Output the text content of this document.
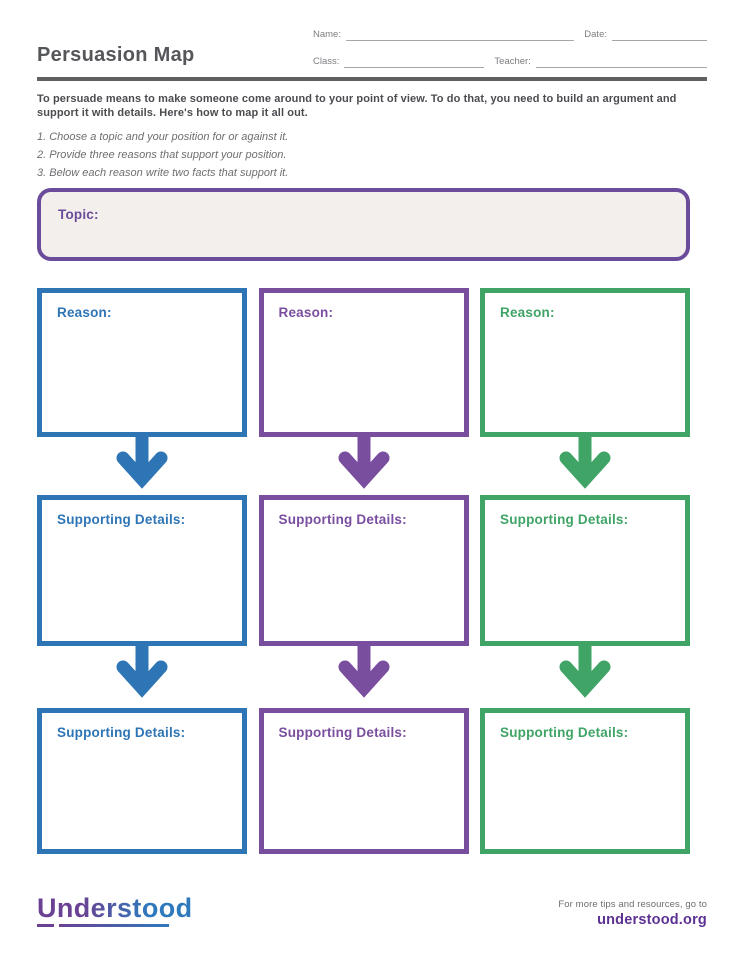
Persuasion Map
Name:	Date:
Class:	Teacher:
To persuade means to make someone come around to your point of view. To do that, you need to build an argument and support it with details. Here's how to map it all out.
1. Choose a topic and your position for or against it.
2. Provide three reasons that support your position.
3. Below each reason write two facts that support it.
Topic:
Reason:
Supporting Details:
Supporting Details:
Reason:
Supporting Details:
Supporting Details:
Reason:
Supporting Details:
Supporting Details:
Understood	For more tips and resources, go to
understood.org
